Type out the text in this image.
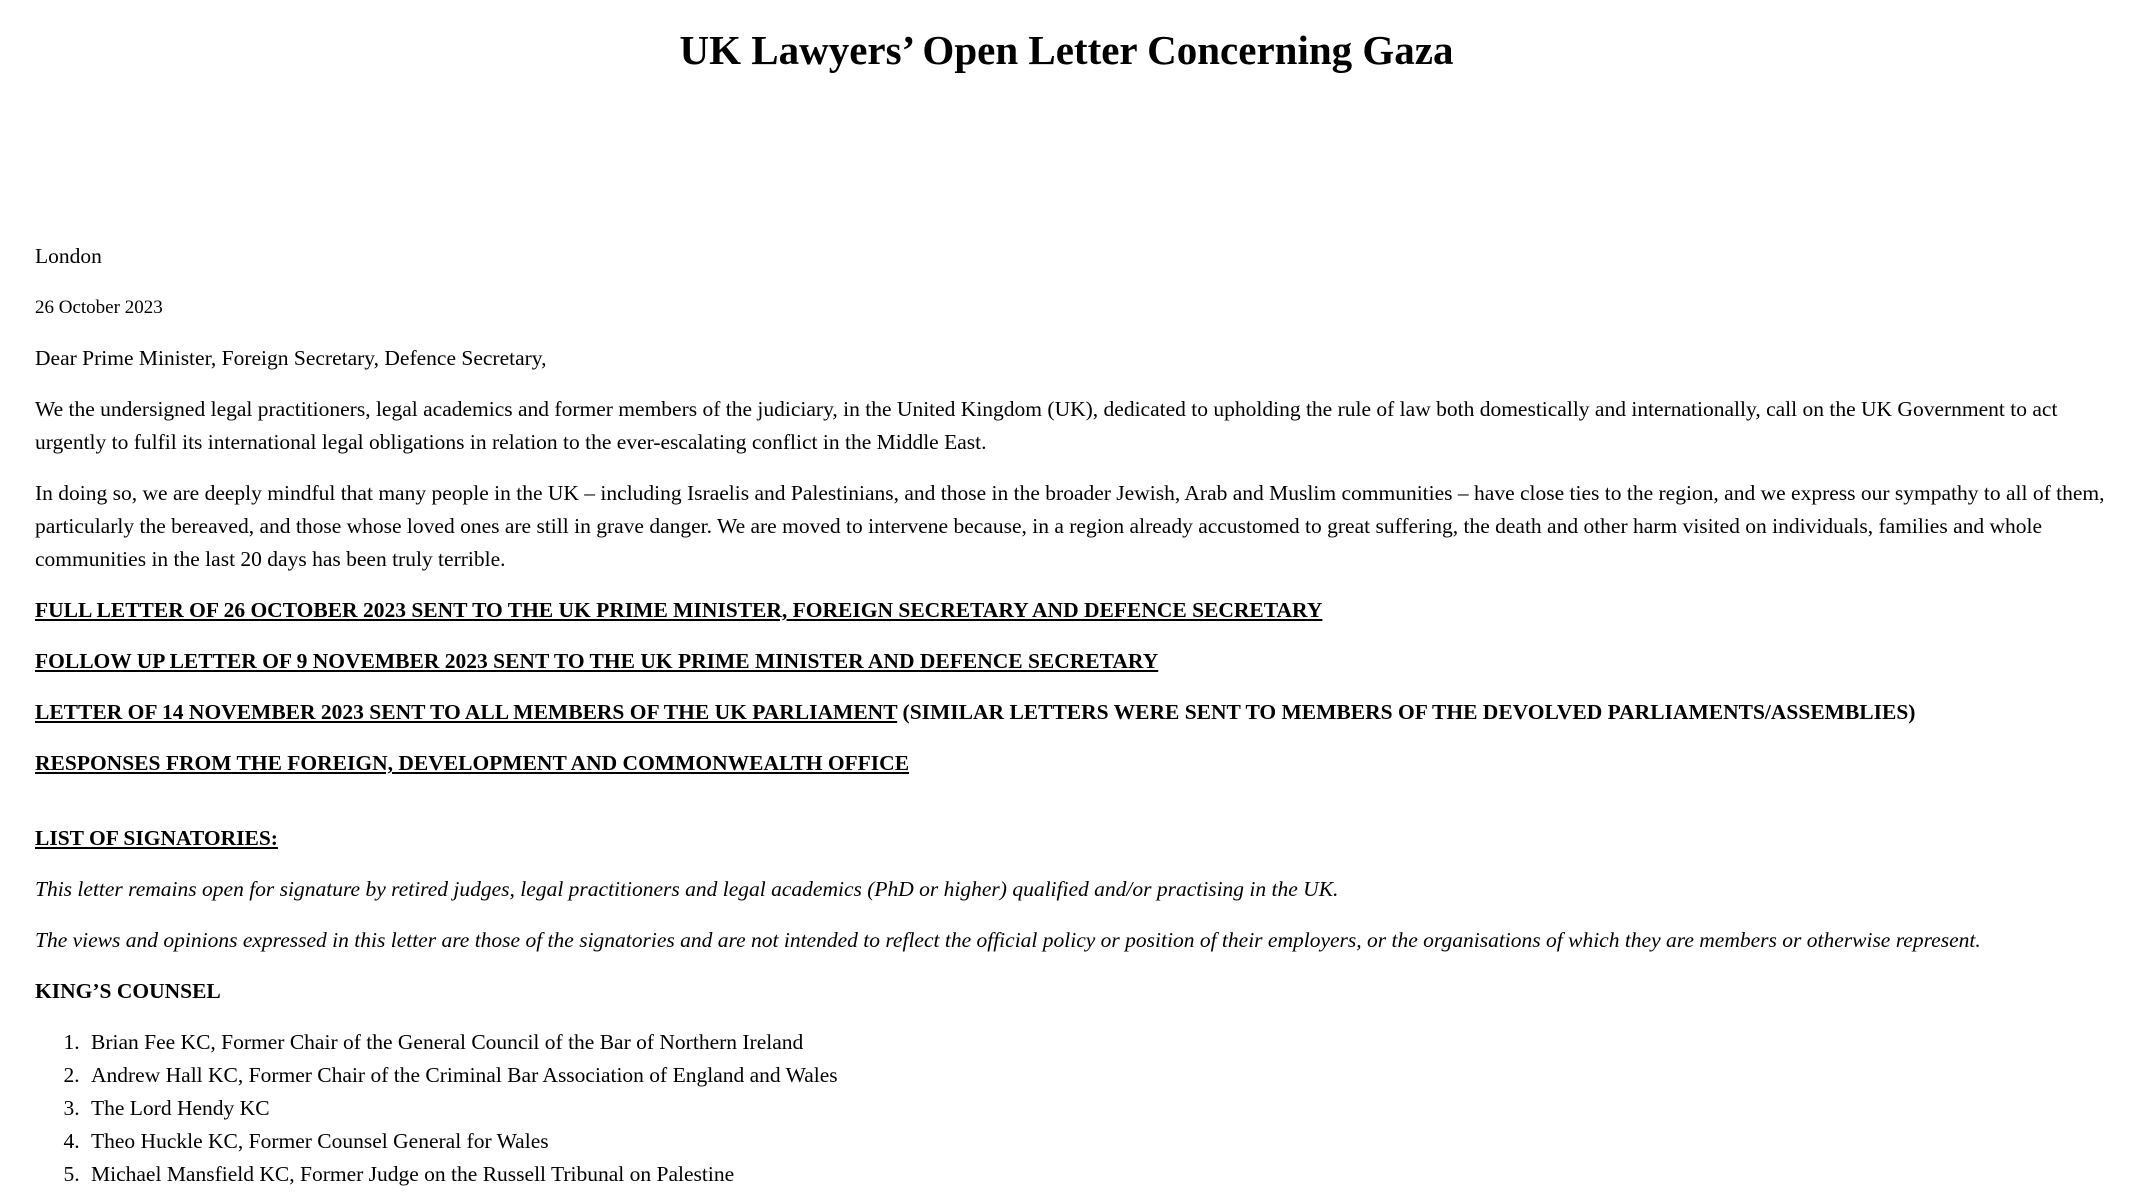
UK Lawyers’ Open Letter Concerning Gaza

London

26 October 2023

Dear Prime Minister, Foreign Secretary, Defence Secretary,

We the undersigned legal practitioners, legal academics and former members of the judiciary, in the United Kingdom (UK), dedicated to upholding the rule of law both domestically and internationally, call on the UK Government to act urgently to fulfil its international legal obligations in relation to the ever-escalating conflict in the Middle East.

In doing so, we are deeply mindful that many people in the UK – including Israelis and Palestinians, and those in the broader Jewish, Arab and Muslim communities – have close ties to the region, and we express our sympathy to all of them, particularly the bereaved, and those whose loved ones are still in grave danger. We are moved to intervene because, in a region already accustomed to great suffering, the death and other harm visited on individuals, families and whole communities in the last 20 days has been truly terrible.

FULL LETTER OF 26 OCTOBER 2023 SENT TO THE UK PRIME MINISTER, FOREIGN SECRETARY AND DEFENCE SECRETARY

FOLLOW UP LETTER OF 9 NOVEMBER 2023 SENT TO THE UK PRIME MINISTER AND DEFENCE SECRETARY

LETTER OF 14 NOVEMBER 2023 SENT TO ALL MEMBERS OF THE UK PARLIAMENT (SIMILAR LETTERS WERE SENT TO MEMBERS OF THE DEVOLVED PARLIAMENTS/ASSEMBLIES)

RESPONSES FROM THE FOREIGN, DEVELOPMENT AND COMMONWEALTH OFFICE

LIST OF SIGNATORIES:

This letter remains open for signature by retired judges, legal practitioners and legal academics (PhD or higher) qualified and/or practising in the UK.

The views and opinions expressed in this letter are those of the signatories and are not intended to reflect the official policy or position of their employers, or the organisations of which they are members or otherwise represent.

KING’S COUNSEL

1. Brian Fee KC, Former Chair of the General Council of the Bar of Northern Ireland
2. Andrew Hall KC, Former Chair of the Criminal Bar Association of England and Wales
3. The Lord Hendy KC
4. Theo Huckle KC, Former Counsel General for Wales
5. Michael Mansfield KC, Former Judge on the Russell Tribunal on Palestine
